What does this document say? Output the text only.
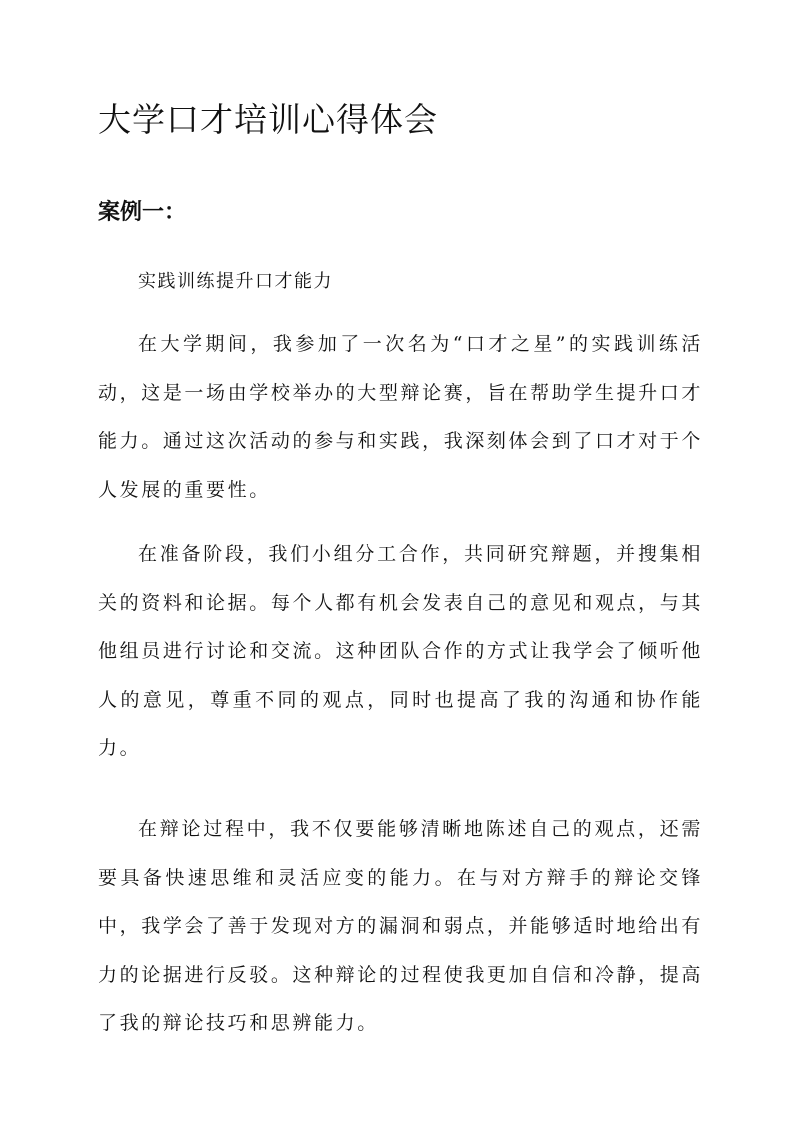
大学口才培训心得体会
案例一：

实践训练提升口才能力

在大学期间，我参加了一次名为“口才之星”的实践训练活动，这是一场由学校举办的大型辩论赛，旨在帮助学生提升口才能力。通过这次活动的参与和实践，我深刻体会到了口才对于个人发展的重要性。

在准备阶段，我们小组分工合作，共同研究辩题，并搜集相关的资料和论据。每个人都有机会发表自己的意见和观点，与其他组员进行讨论和交流。这种团队合作的方式让我学会了倾听他人的意见，尊重不同的观点，同时也提高了我的沟通和协作能力。

在辩论过程中，我不仅要能够清晰地陈述自己的观点，还需要具备快速思维和灵活应变的能力。在与对方辩手的辩论交锋中，我学会了善于发现对方的漏洞和弱点，并能够适时地给出有力的论据进行反驳。这种辩论的过程使我更加自信和冷静，提高了我的辩论技巧和思辨能力。
